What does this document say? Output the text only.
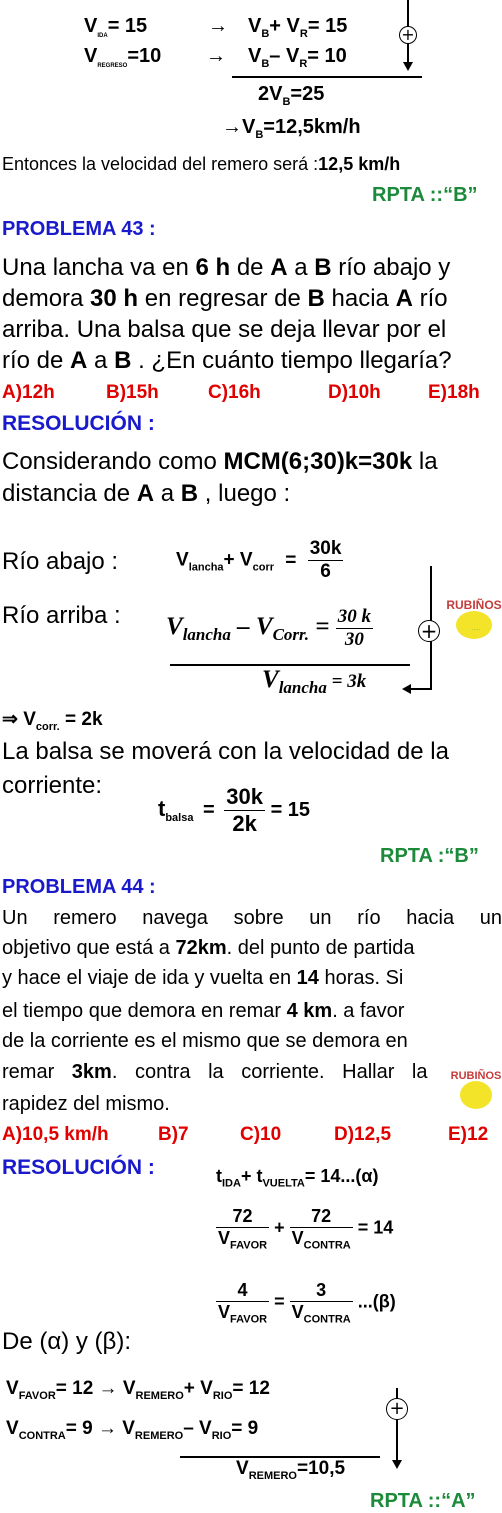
$V_{IDA}= 15$	→ $V_B+ V_R= 15$
$V_{REGRESO}=10 \to V_B-$ $V_R= 10$
+
$2V_B=25$
$\to V_B=12,5km/h$
Entonces la velocidad del remero será :12,5 km/h
RPTA ::“B”
PROBLEMA 43 :
Una lancha va en 6 h de A a B río abajo y
demora 30 h en regresar de B hacia A río
arriba. Una balsa que se deja llevar por el
río de A a B . ¿En cuánto tiempo llegaría?
A)12h	B)15h	C)16h	D)10h E)18h
RESOLUCIÓN :
Considerando como MCM(6;30)k=30k la
distancia de A a B , luego :
Río abajo :	$V_{lancha}+ V_{corr} = \frac{30k}{6}$
Río arriba : $V_{lancha} - V_{Corr.} = \frac{30 k}{30}$
$V_{lancha} = 3k$
+
RUBIÑOS
·····
⇒ $V_{corr.} = 2k$
La balsa se moverá con la velocidad de la
corriente:
$t_{balsa} = \frac{30k}{2k} = 15$
RPTA :“B”
PROBLEMA 44 :
Un remero navega sobre un río hacia un
objetivo que está a 72km. del punto de partida
y hace el viaje de ida y vuelta en 14 horas. Si
el tiempo que demora en remar 4 km. a favor
de la corriente es el mismo que se demora en
remar 3km. contra la corriente. Hallar la
rapidez del mismo.
RUBIÑOS
A)10,5 km/h	B)7	C)10	D)12,5	E)12
RESOLUCIÓN :	$t_{IDA}+ t_{VUELTA}= 14...(\alpha)$
$\frac{72}{V_{FAVOR}} + \frac{72}{V_{CONTRA}} = 14$
$\frac{4}{V_{FAVOR}} = \frac{3}{V_{CONTRA}} ...(\beta)$
De (α) y (β):
$V_{FAVOR}= 12 \to V_{REMERO}+ V_{RIO}= 12$
$V_{CONTRA}= 9 \to V_{REMERO}-$ $V_{RIO}= 9$
+
$V_{REMERO}=10,5$
RPTA ::“A”
